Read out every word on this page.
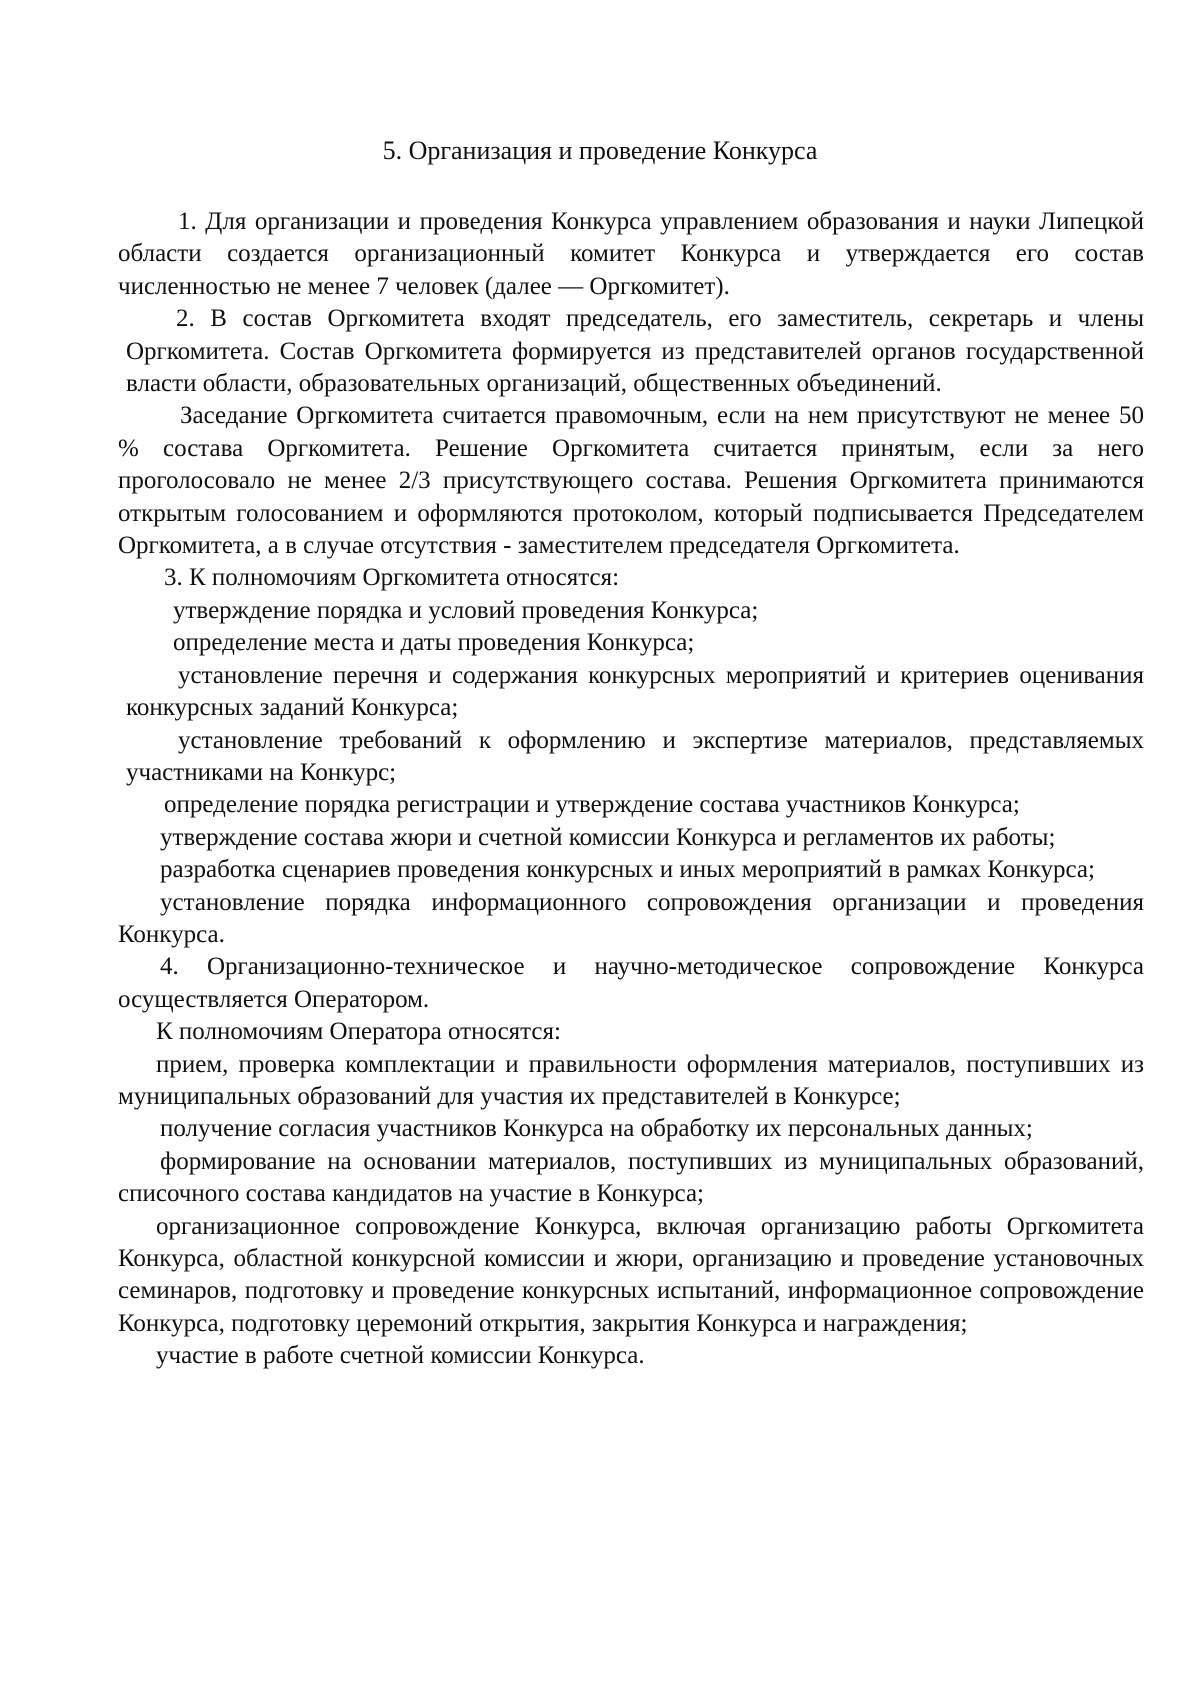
5. Организация и проведение Конкурса

1. Для организации и проведения Конкурса управлением образования и науки Липецкой области создается организационный комитет Конкурса и утверждается его состав численностью не менее 7 человек (далее — Оргкомитет).

2. В состав Оргкомитета входят председатель, его заместитель, секретарь и члены Оргкомитета. Состав Оргкомитета формируется из представителей органов государственной власти области, образовательных организаций, общественных объединений.

Заседание Оргкомитета считается правомочным, если на нем присутствуют не менее 50 % состава Оргкомитета. Решение Оргкомитета считается принятым, если за него проголосовало не менее 2/3 присутствующего состава. Решения Оргкомитета принимаются открытым голосованием и оформляются протоколом, который подписывается Председателем Оргкомитета, а в случае отсутствия - заместителем председателя Оргкомитета.

3. К полномочиям Оргкомитета относятся:

утверждение порядка и условий проведения Конкурса;

определение места и даты проведения Конкурса;

установление перечня и содержания конкурсных мероприятий и критериев оценивания конкурсных заданий Конкурса;

установление требований к оформлению и экспертизе материалов, представляемых участниками на Конкурс;

определение порядка регистрации и утверждение состава участников Конкурса;

утверждение состава жюри и счетной комиссии Конкурса и регламентов их работы;

разработка сценариев проведения конкурсных и иных мероприятий в рамках Конкурса;

установление порядка информационного сопровождения организации и проведения Конкурса.

4. Организационно-техническое и научно-методическое сопровождение Конкурса осуществляется Оператором.

К полномочиям Оператора относятся:

прием, проверка комплектации и правильности оформления материалов, поступивших из муниципальных образований для участия их представителей в Конкурсе;

получение согласия участников Конкурса на обработку их персональных данных;

формирование на основании материалов, поступивших из муниципальных образований, списочного состава кандидатов на участие в Конкурса;

организационное сопровождение Конкурса, включая организацию работы Оргкомитета Конкурса, областной конкурсной комиссии и жюри, организацию и проведение установочных семинаров, подготовку и проведение конкурсных испытаний, информационное сопровождение Конкурса, подготовку церемоний открытия, закрытия Конкурса и награждения;

участие в работе счетной комиссии Конкурса.
